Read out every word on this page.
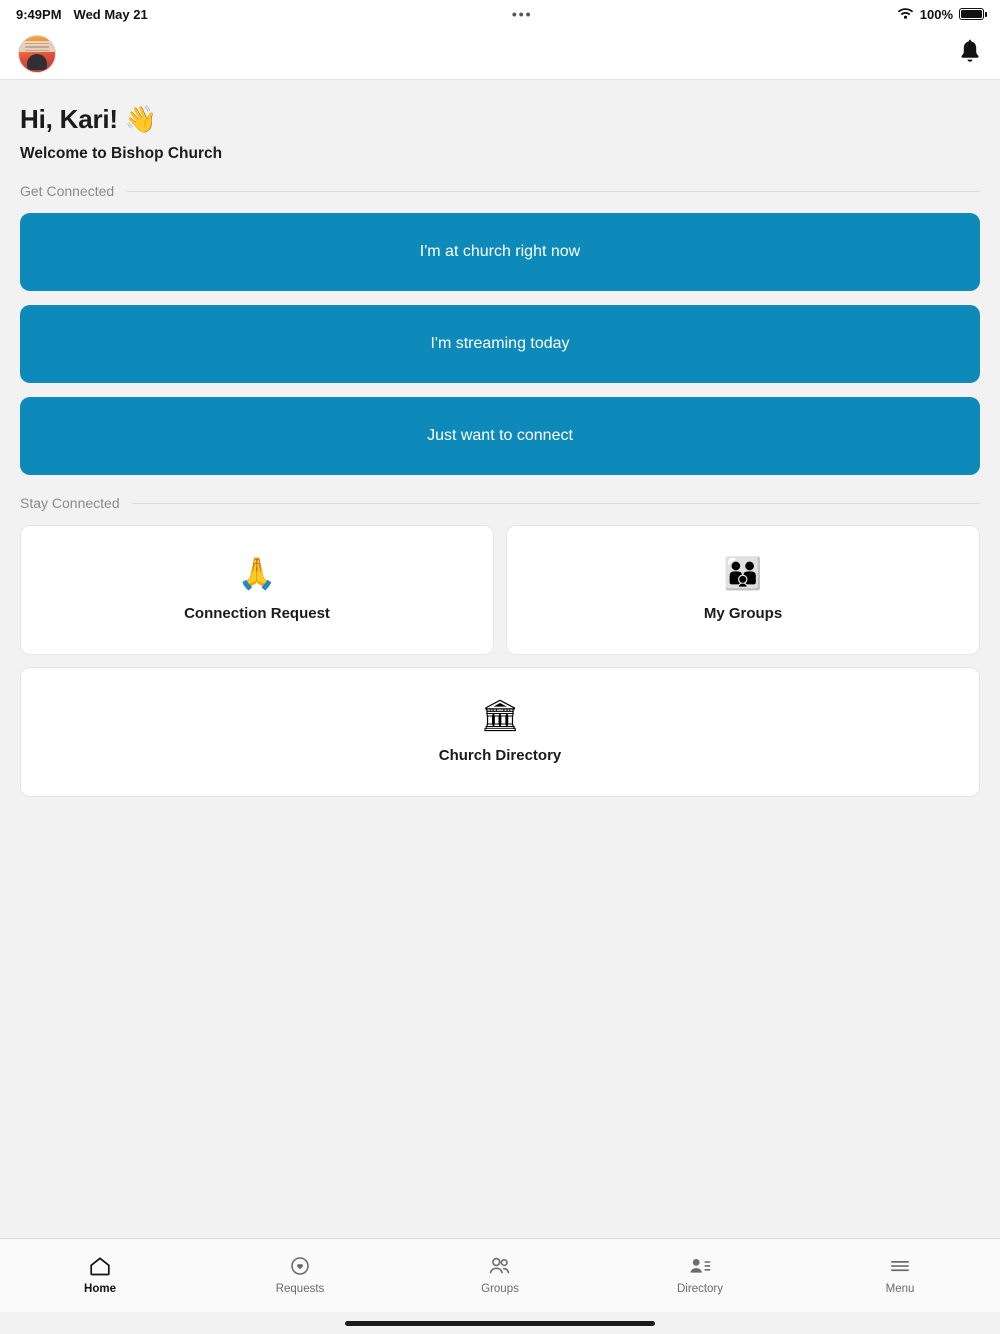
9:49PM Wed May 21	•••	100%
Hi, Kari! 👋
Welcome to Bishop Church
Get Connected
I'm at church right now
I'm streaming today
Just want to connect
Stay Connected
🙏
Connection Request
👪
My Groups
🏛
Church Directory
Home	Requests	Groups	Directory	Menu
